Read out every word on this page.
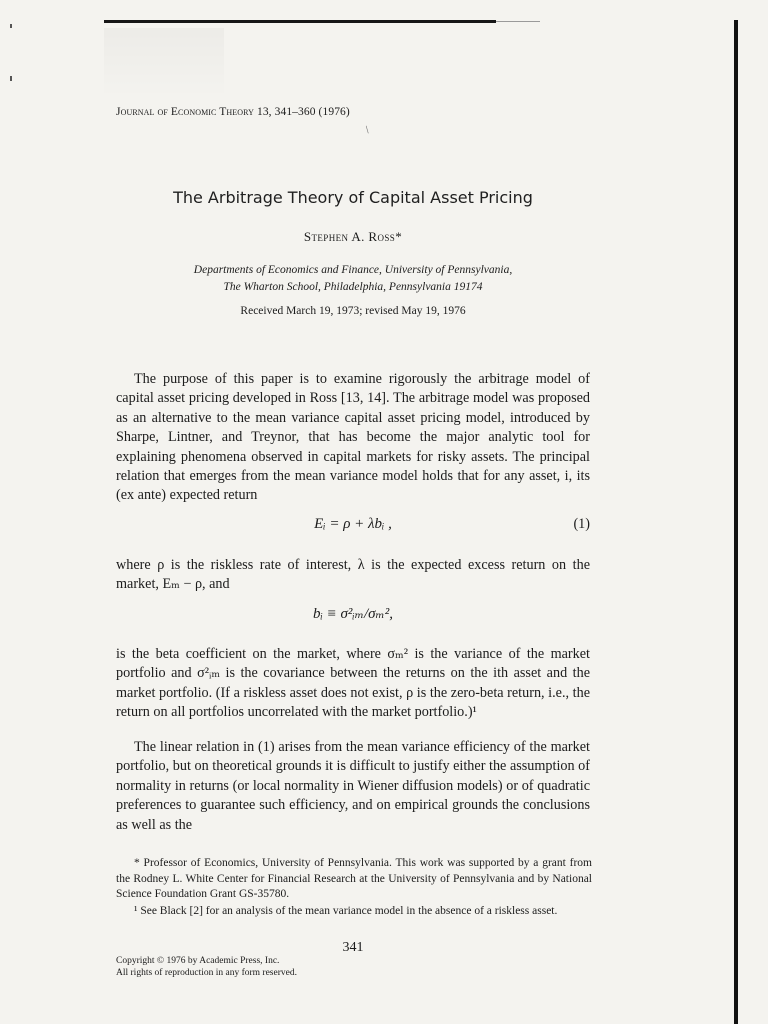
/
Journal of Economic Theory 13, 341–360 (1976)
The Arbitrage Theory of Capital Asset Pricing
Stephen A. Ross*
Departments of Economics and Finance, University of Pennsylvania,
The Wharton School, Philadelphia, Pennsylvania 19174
Received March 19, 1973; revised May 19, 1976

The purpose of this paper is to examine rigorously the arbitrage model of capital asset pricing developed in Ross [13, 14]. The arbitrage model was proposed as an alternative to the mean variance capital asset pricing model, introduced by Sharpe, Lintner, and Treynor, that has become the major analytic tool for explaining phenomena observed in capital markets for risky assets. The principal relation that emerges from the mean variance model holds that for any asset, i, its (ex ante) expected return

Eᵢ = ρ + λbᵢ ,	(1)

where ρ is the riskless rate of interest, λ is the expected excess return on the market, Eₘ − ρ, and

bᵢ ≡ σ²ᵢₘ/σₘ²,

is the beta coefficient on the market, where σₘ² is the variance of the market portfolio and σ²ᵢₘ is the covariance between the returns on the ith asset and the market portfolio. (If a riskless asset does not exist, ρ is the zero-beta return, i.e., the return on all portfolios uncorrelated with the market portfolio.)¹

The linear relation in (1) arises from the mean variance efficiency of the market portfolio, but on theoretical grounds it is difficult to justify either the assumption of normality in returns (or local normality in Wiener diffusion models) or of quadratic preferences to guarantee such efficiency, and on empirical grounds the conclusions as well as the

* Professor of Economics, University of Pennsylvania. This work was supported by a grant from the Rodney L. White Center for Financial Research at the University of Pennsylvania and by National Science Foundation Grant GS-35780.

¹ See Black [2] for an analysis of the mean variance model in the absence of a riskless asset.

341
Copyright © 1976 by Academic Press, Inc.
All rights of reproduction in any form reserved.
